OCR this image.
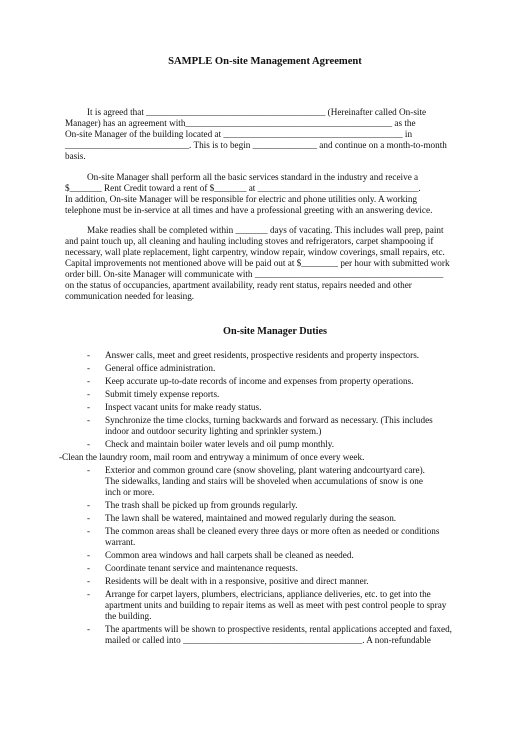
SAMPLE On-site Management Agreement
It is agreed that _______________________________________ (Hereinafter called On-site
Manager) has an agreement with_____________________________________________ as the
On-site Manager of the building located at _______________________________________ in
___________________________. This is to begin ______________ and continue on a month-to-month
basis.
On-site Manager shall perform all the basic services standard in the industry and receive a
$_______ Rent Credit toward a rent of $_______ at ___________________________________.
In addition, On-site Manager will be responsible for electric and phone utilities only. A working
telephone must be in-service at all times and have a professional greeting with an answering device.
Make readies shall be completed within _______ days of vacating. This includes wall prep, paint
and paint touch up, all cleaning and hauling including stoves and refrigerators, carpet shampooing if
necessary, wall plate replacement, light carpentry, window repair, window coverings, small repairs, etc.
Capital improvements not mentioned above will be paid out at $________ per hour with submitted work
order bill. On-site Manager will communicate with _________________________________________
on the status of occupancies, apartment availability, ready rent status, repairs needed and other
communication needed for leasing.
On-site Manager Duties
- Answer calls, meet and greet residents, prospective residents and property inspectors.
- General office administration.
- Keep accurate up-to-date records of income and expenses from property operations.
- Submit timely expense reports.
- Inspect vacant units for make ready status.
- Synchronize the time clocks, turning backwards and forward as necessary. (This includes
indoor and outdoor security lighting and sprinkler system.)
- Check and maintain boiler water levels and oil pump monthly.
-Clean the laundry room, mail room and entryway a minimum of once every week.
- Exterior and common ground care (snow shoveling, plant watering andcourtyard care).
The sidewalks, landing and stairs will be shoveled when accumulations of snow is one
inch or more.
- The trash shall be picked up from grounds regularly.
- The lawn shall be watered, maintained and mowed regularly during the season.
- The common areas shall be cleaned every three days or more often as needed or conditions
warrant.
- Common area windows and hall carpets shall be cleaned as needed.
- Coordinate tenant service and maintenance requests.
- Residents will be dealt with in a responsive, positive and direct manner.
- Arrange for carpet layers, plumbers, electricians, appliance deliveries, etc. to get into the
apartment units and building to repair items as well as meet with pest control people to spray
the building.
- The apartments will be shown to prospective residents, rental applications accepted and faxed,
mailed or called into _______________________________________. A non-refundable
